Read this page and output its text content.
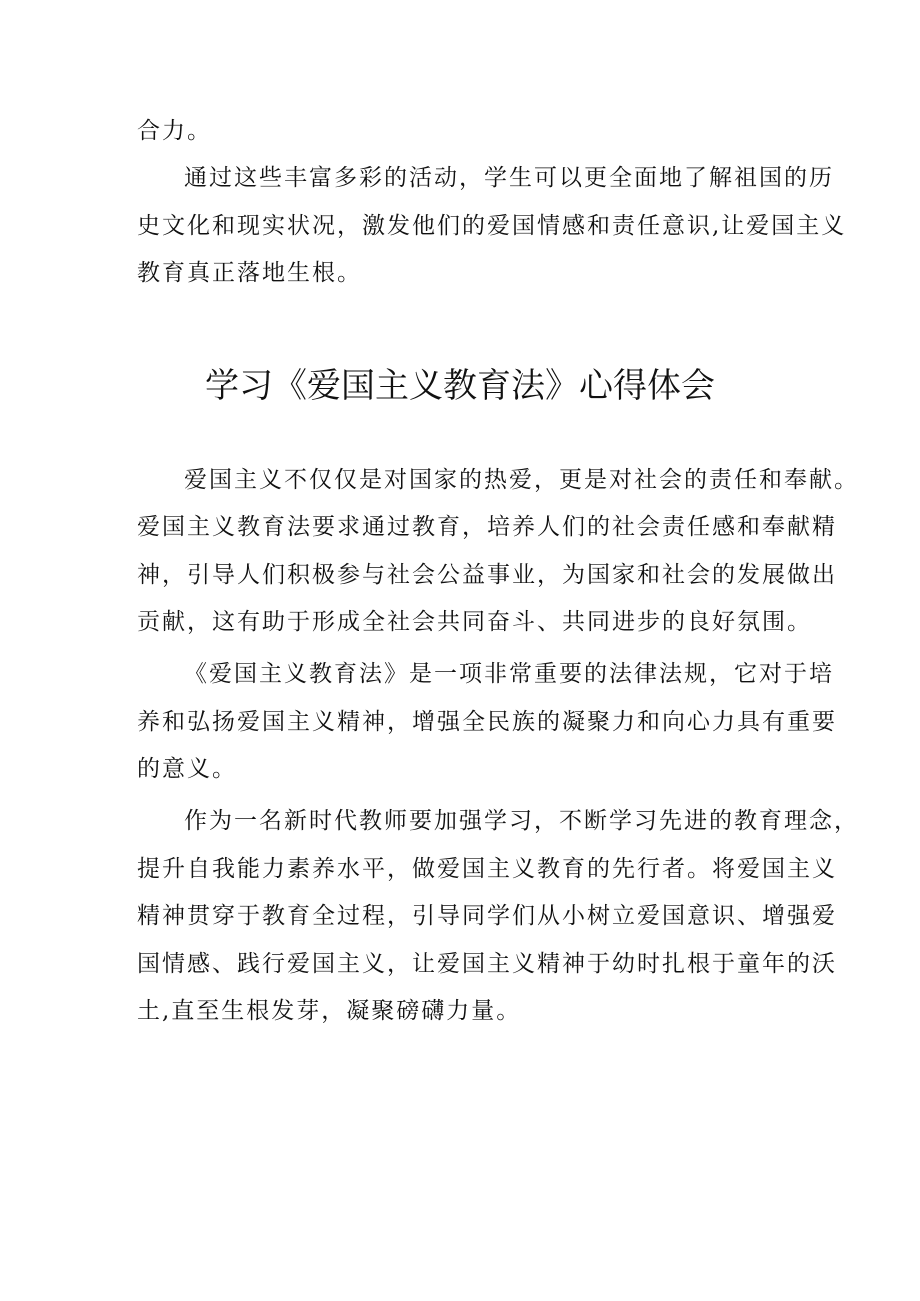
合力。
通过这些丰富多彩的活动，学生可以更全面地了解祖国的历
史文化和现实状况，激发他们的爱国情感和责任意识,让爱国主义
教育真正落地生根。
学习《爱国主义教育法》心得体会
爱国主义不仅仅是对国家的热爱，更是对社会的责任和奉献。
爱国主义教育法要求通过教育，培养人们的社会责任感和奉献精
神，引导人们积极参与社会公益事业，为国家和社会的发展做出
贡献，这有助于形成全社会共同奋斗、共同进步的良好氛围。
《爱国主义教育法》是一项非常重要的法律法规，它对于培
养和弘扬爱国主义精神，增强全民族的凝聚力和向心力具有重要
的意义。
作为一名新时代教师要加强学习，不断学习先进的教育理念，
提升自我能力素养水平，做爱国主义教育的先行者。将爱国主义
精神贯穿于教育全过程，引导同学们从小树立爱国意识、增强爱
国情感、践行爱国主义，让爱国主义精神于幼时扎根于童年的沃
土,直至生根发芽，凝聚磅礴力量。
